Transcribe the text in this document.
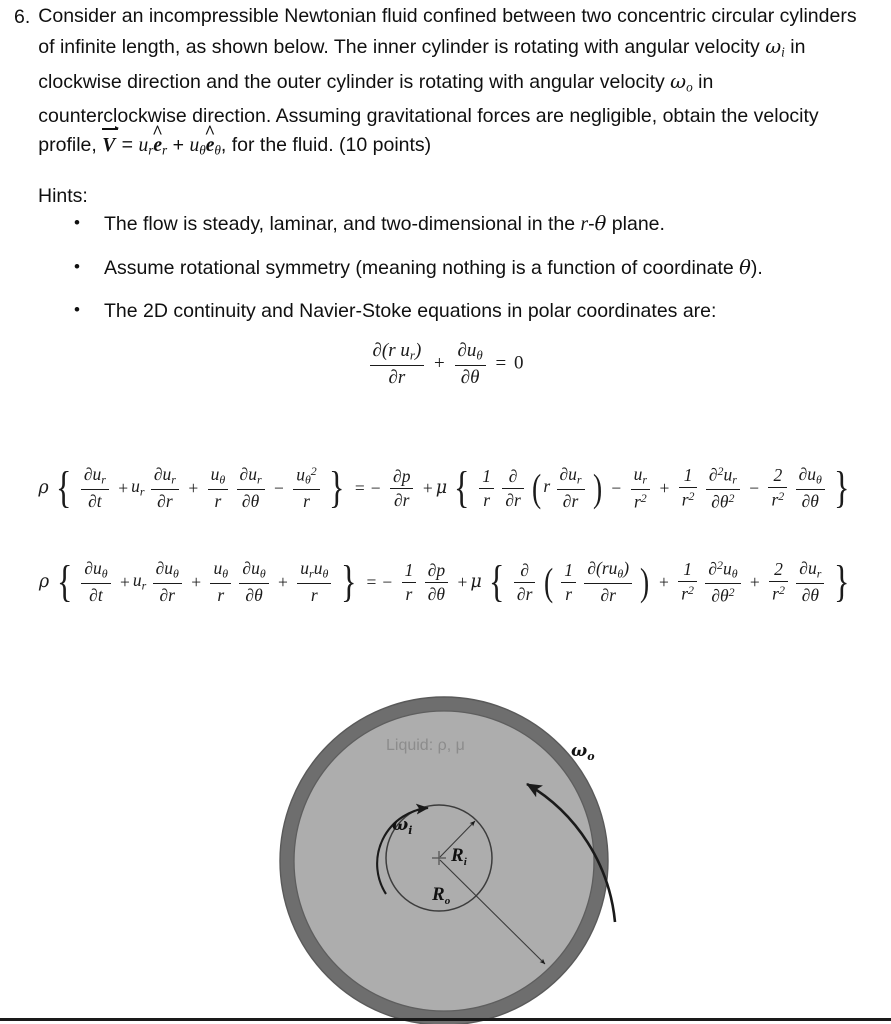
6. Consider an incompressible Newtonian fluid confined between two concentric circular cylinders of infinite length, as shown below. The inner cylinder is rotating with angular velocity $\omega_i$ in clockwise direction and the outer cylinder is rotating with angular velocity $\omega_o$ in counterclockwise direction. Assuming gravitational forces are negligible, obtain the velocity profile, $V = u_re$ $\^{}_r + u_\theta e$ $\^{}_\theta$, for the fluid. (10 points)
Hints:
• The flow is steady, laminar, and two-dimensional in the r-θ plane.
• Assume rotational symmetry (meaning nothing is a function of coordinate θ).
• The 2D continuity and Navier-Stoke equations in polar coordinates are:
$\frac{\partial(r u_r)}{\partial r} + \frac{\partial u_\theta}{\partial\theta} = 0$
ρ { $\frac{\partial u_r}{\partial t} + u_r \frac{\partial u_r}{\partial r} + \frac{u_\theta}{r}$
$\frac{\partial u_r}{\partial\theta} - \frac{u_\theta^2}{r}$ } = − $\frac{\partial p}{\partial r} + \mu$ { $\frac{1}{r}$
$\frac{\partial}{\partial r}$ ( r $\frac{\partial u_r}{\partial r}$ ) − $\frac{u_r}{r^2} + \frac{1}{r^2}$
$\frac{\partial^2u_r}{\partial\theta^2} - \frac{2}{r^2}$
$\frac{\partial u_\theta}{\partial\theta}$ }
ρ { $\frac{\partial u_\theta}{\partial t} + u_r \frac{\partial u_\theta}{\partial r} + \frac{u_\theta}{r}$
$\frac{\partial u_\theta}{\partial\theta} + \frac{u_ru_\theta}{r}$ } = − $\frac{1}{r}$
$\frac{\partial p}{\partial\theta} + \mu$ { $\frac{\partial}{\partial r}$ ( $\frac{1}{r}$
$\frac{\partial(ru_\theta)}{\partial r}$ ) + $\frac{1}{r^2}$
$\frac{\partial^2u_\theta}{\partial\theta^2} + \frac{2}{r^2}$
$\frac{\partial u_r}{\partial\theta}$ }
Liquid: ρ, μ
$\omega_i$
$\omega_o$
$R_i$
$R_o$
